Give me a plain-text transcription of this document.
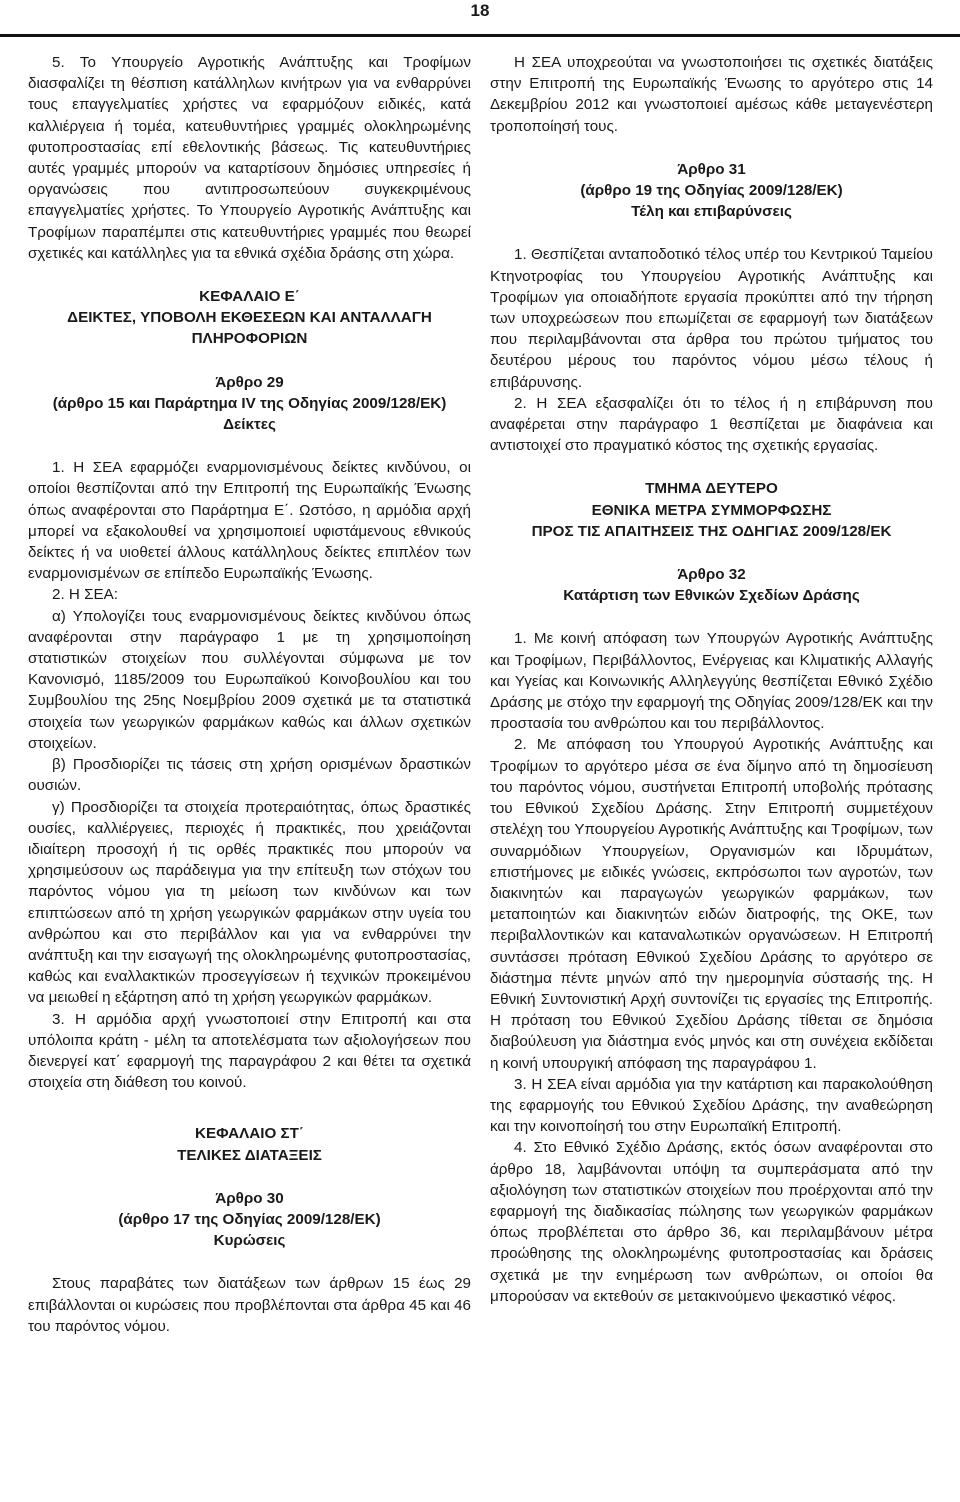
18

5. Το Υπουργείο Αγροτικής Ανάπτυξης και Τροφίμων διασφαλίζει τη θέσπιση κατάλληλων κινήτρων για να ενθαρρύνει τους επαγγελματίες χρήστες να εφαρμόζουν ειδικές, κατά καλλιέργεια ή τομέα, κατευθυντήριες γραμμές ολοκληρωμένης φυτοπροστασίας επί εθελοντικής βάσεως. Τις κατευθυντήριες αυτές γραμμές μπορούν να καταρτίσουν δημόσιες υπηρεσίες ή οργανώσεις που αντιπροσωπεύουν συγκεκριμένους επαγγελματίες χρήστες. Το Υπουργείο Αγροτικής Ανάπτυξης και Τροφίμων παραπέμπει στις κατευθυντήριες γραμμές που θεωρεί σχετικές και κατάλληλες για τα εθνικά σχέδια δράσης στη χώρα.

ΚΕΦΑΛΑΙΟ Ε΄
ΔΕΙΚΤΕΣ, ΥΠΟΒΟΛΗ ΕΚΘΕΣΕΩΝ ΚΑΙ ΑΝΤΑΛΛΑΓΗ ΠΛΗΡΟΦΟΡΙΩΝ
Άρθρο 29
(άρθρο 15 και Παράρτημα IV της Οδηγίας 2009/128/ΕΚ)
Δείκτες

1. Η ΣΕΑ εφαρμόζει εναρμονισμένους δείκτες κινδύνου, οι οποίοι θεσπίζονται από την Επιτροπή της Ευρωπαϊκής Ένωσης όπως αναφέρονται στο Παράρτημα Ε΄. Ωστόσο, η αρμόδια αρχή μπορεί να εξακολουθεί να χρησιμοποιεί υφιστάμενους εθνικούς δείκτες ή να υιοθετεί άλλους κατάλληλους δείκτες επιπλέον των εναρμονισμένων σε επίπεδο Ευρωπαϊκής Ένωσης.

2. Η ΣΕΑ:

α) Υπολογίζει τους εναρμονισμένους δείκτες κινδύνου όπως αναφέρονται στην παράγραφο 1 με τη χρησιμοποίηση στατιστικών στοιχείων που συλλέγονται σύμφωνα με τον Κανονισμό, 1185/2009 του Ευρωπαϊκού Κοινοβουλίου και του Συμβουλίου της 25ης Νοεμβρίου 2009 σχετικά με τα στατιστικά στοιχεία των γεωργικών φαρμάκων καθώς και άλλων σχετικών στοιχείων.

β) Προσδιορίζει τις τάσεις στη χρήση ορισμένων δραστικών ουσιών.

γ) Προσδιορίζει τα στοιχεία προτεραιότητας, όπως δραστικές ουσίες, καλλιέργειες, περιοχές ή πρακτικές, που χρειάζονται ιδιαίτερη προσοχή ή τις ορθές πρακτικές που μπορούν να χρησιμεύσουν ως παράδειγμα για την επίτευξη των στόχων του παρόντος νόμου για τη μείωση των κινδύνων και των επιπτώσεων από τη χρήση γεωργικών φαρμάκων στην υγεία του ανθρώπου και στο περιβάλλον και για να ενθαρρύνει την ανάπτυξη και την εισαγωγή της ολοκληρωμένης φυτοπροστασίας, καθώς και εναλλακτικών προσεγγίσεων ή τεχνικών προκειμένου να μειωθεί η εξάρτηση από τη χρήση γεωργικών φαρμάκων.

3. Η αρμόδια αρχή γνωστοποιεί στην Επιτροπή και στα υπόλοιπα κράτη - μέλη τα αποτελέσματα των αξιολογήσεων που διενεργεί κατ΄ εφαρμογή της παραγράφου 2 και θέτει τα σχετικά στοιχεία στη διάθεση του κοινού.

ΚΕΦΑΛΑΙΟ ΣΤ΄
ΤΕΛΙΚΕΣ ΔΙΑΤΑΞΕΙΣ
Άρθρο 30
(άρθρο 17 της Οδηγίας 2009/128/ΕΚ)
Κυρώσεις

Στους παραβάτες των διατάξεων των άρθρων 15 έως 29 επιβάλλονται οι κυρώσεις που προβλέπονται στα άρθρα 45 και 46 του παρόντος νόμου.

Η ΣΕΑ υποχρεούται να γνωστοποιήσει τις σχετικές διατάξεις στην Επιτροπή της Ευρωπαϊκής Ένωσης το αργότερο στις 14 Δεκεμβρίου 2012 και γνωστοποιεί αμέσως κάθε μεταγενέστερη τροποποίησή τους.

Άρθρο 31
(άρθρο 19 της Οδηγίας 2009/128/ΕΚ)
Τέλη και επιβαρύνσεις

1. Θεσπίζεται ανταποδοτικό τέλος υπέρ του Κεντρικού Ταμείου Κτηνοτροφίας του Υπουργείου Αγροτικής Ανάπτυξης και Τροφίμων για οποιαδήποτε εργασία προκύπτει από την τήρηση των υποχρεώσεων που επωμίζεται σε εφαρμογή των διατάξεων που περιλαμβάνονται στα άρθρα του πρώτου τμήματος του δευτέρου μέρους του παρόντος νόμου μέσω τέλους ή επιβάρυνσης.

2. Η ΣΕΑ εξασφαλίζει ότι το τέλος ή η επιβάρυνση που αναφέρεται στην παράγραφο 1 θεσπίζεται με διαφάνεια και αντιστοιχεί στο πραγματικό κόστος της σχετικής εργασίας.

ΤΜΗΜΑ ΔΕΥΤΕΡΟ
ΕΘΝΙΚΑ ΜΕΤΡΑ ΣΥΜΜΟΡΦΩΣΗΣ
ΠΡΟΣ ΤΙΣ ΑΠΑΙΤΗΣΕΙΣ ΤΗΣ ΟΔΗΓΙΑΣ 2009/128/ΕΚ
Άρθρο 32
Κατάρτιση των Εθνικών Σχεδίων Δράσης

1. Με κοινή απόφαση των Υπουργών Αγροτικής Ανάπτυξης και Τροφίμων, Περιβάλλοντος, Ενέργειας και Κλιματικής Αλλαγής και Υγείας και Κοινωνικής Αλληλεγγύης θεσπίζεται Εθνικό Σχέδιο Δράσης με στόχο την εφαρμογή της Οδηγίας 2009/128/ΕΚ και την προστασία του ανθρώπου και του περιβάλλοντος.

2. Με απόφαση του Υπουργού Αγροτικής Ανάπτυξης και Τροφίμων το αργότερο μέσα σε ένα δίμηνο από τη δημοσίευση του παρόντος νόμου, συστήνεται Επιτροπή υποβολής πρότασης του Εθνικού Σχεδίου Δράσης. Στην Επιτροπή συμμετέχουν στελέχη του Υπουργείου Αγροτικής Ανάπτυξης και Τροφίμων, των συναρμόδιων Υπουργείων, Οργανισμών και Ιδρυμάτων, επιστήμονες με ειδικές γνώσεις, εκπρόσωποι των αγροτών, των διακινητών και παραγωγών γεωργικών φαρμάκων, των μεταποιητών και διακινητών ειδών διατροφής, της ΟΚΕ, των περιβαλλοντικών και καταναλωτικών οργανώσεων. Η Επιτροπή συντάσσει πρόταση Εθνικού Σχεδίου Δράσης το αργότερο σε διάστημα πέντε μηνών από την ημερομηνία σύστασής της. Η Εθνική Συντονιστική Αρχή συντονίζει τις εργασίες της Επιτροπής. Η πρόταση του Εθνικού Σχεδίου Δράσης τίθεται σε δημόσια διαβούλευση για διάστημα ενός μηνός και στη συνέχεια εκδίδεται η κοινή υπουργική απόφαση της παραγράφου 1.

3. Η ΣΕΑ είναι αρμόδια για την κατάρτιση και παρακολούθηση της εφαρμογής του Εθνικού Σχεδίου Δράσης, την αναθεώρηση και την κοινοποίησή του στην Ευρωπαϊκή Επιτροπή.

4. Στο Εθνικό Σχέδιο Δράσης, εκτός όσων αναφέρονται στο άρθρο 18, λαμβάνονται υπόψη τα συμπεράσματα από την αξιολόγηση των στατιστικών στοιχείων που προέρχονται από την εφαρμογή της διαδικασίας πώλησης των γεωργικών φαρμάκων όπως προβλέπεται στο άρθρο 36, και περιλαμβάνουν μέτρα προώθησης της ολοκληρωμένης φυτοπροστασίας και δράσεις σχετικά με την ενημέρωση των ανθρώπων, οι οποίοι θα μπορούσαν να εκτεθούν σε μετακινούμενο ψεκαστικό νέφος.
